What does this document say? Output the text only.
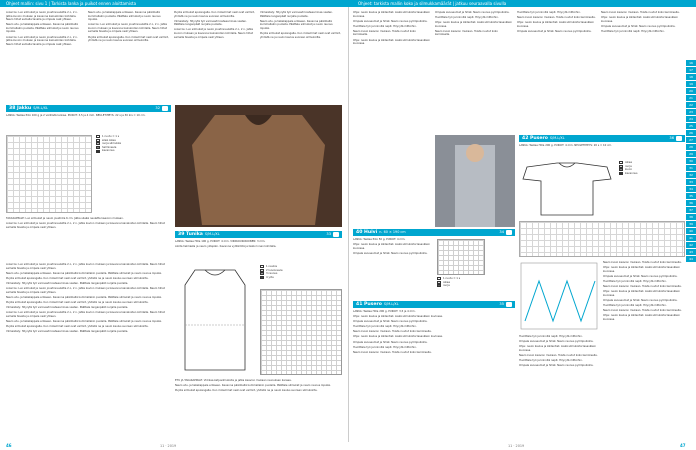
Ohjeet mallin: sivu 1 | Tarkista lanka ja puikot ennen aloittamista	Ohjeet: tarkista mallin koko ja silmukkamäärät | jatkuu seuraavalla sivulla

A-kerros: Luo silmukat ja neulo joustinneuletta 2 o, 2 n. Jatka kuvion mukaan ja kavenna kainaloiden kohdalla. Neulo hihat samalla tavalla ja ompele osat yhteen.

Neulo etu- ja takakappale erikseen. Kavenna pääntiellä kummallakin puolella. Päättele silmukat ja neulo reunus lopuksi.

A-kerros: Luo silmukat ja neulo joustinneuletta 2 o, 2 n. Jatka kuvion mukaan ja kavenna kainaloiden kohdalla. Neulo hihat samalla tavalla ja ompele osat yhteen.

Neulo etu- ja takakappale erikseen. Kavenna pääntiellä kummallakin puolella. Päättele silmukat ja neulo reunus lopuksi.

A-kerros: Luo silmukat ja neulo joustinneuletta 2 o, 2 n. Jatka kuvion mukaan ja kavenna kainaloiden kohdalla. Neulo hihat samalla tavalla ja ompele osat yhteen.

Pujota silmukat apulangalle. Kun molemmat osat ovat valmiit, yhdistä ne ja neulo kaulus suoraan silmukoilta.

Pujota silmukat apulangalle. Kun molemmat osat ovat valmiit, yhdistä ne ja neulo kaulus suoraan silmukoilta.

Viimeistely: Höyrytä työ varovasti kosteaa liinaa vasten. Päättele langanpäät nurjalle puolelle.

A-kerros: Luo silmukat ja neulo joustinneuletta 2 o, 2 n. Jatka kuvion mukaan ja kavenna kainaloiden kohdalla. Neulo hihat samalla tavalla ja ompele osat yhteen.

Viimeistely: Höyrytä työ varovasti kosteaa liinaa vasten. Päättele langanpäät nurjalle puolelle.

Neulo etu- ja takakappale erikseen. Kavenna pääntiellä kummallakin puolella. Päättele silmukat ja neulo reunus lopuksi.

Pujota silmukat apulangalle. Kun molemmat osat ovat valmiit, yhdistä ne ja neulo kaulus suoraan silmukoilta.

38 Jakku S/M-L/XL	32

LANKA: Teetee Piilo 100 g ja 2 värillistä lankaa. PUIKOT: 3,5 ja 4 mm. NEULETIHEYS: 22 s ja 30 krs = 10 cm.

1 ruutu = 1 s
sileä oikea
nurja silmukka
helmineule
kavennus

TAKAKAPPALE: Luo silmukat ja neulo joustinta 6 cm. Jatka sileää neuletta kaavion mukaan.

A-kerros: Luo silmukat ja neulo joustinneuletta 2 o, 2 n. Jatka kuvion mukaan ja kavenna kainaloiden kohdalla. Neulo hihat samalla tavalla ja ompele osat yhteen.

39 Tunika S/M-L/XL	33

LANKA: Teetee Hilla 100 g. PUIKOT: 4 mm. VIRKKOUKOKOINEN: 3 mm.

Aloita helmasta ja neulo ylöspäin. Kavenna vyötäröllä ja lisää rinnan kohdalla.

A-kerros: Luo silmukat ja neulo joustinneuletta 2 o, 2 n. Jatka kuvion mukaan ja kavenna kainaloiden kohdalla. Neulo hihat samalla tavalla ja ompele osat yhteen.

Neulo etu- ja takakappale erikseen. Kavenna pääntiellä kummallakin puolella. Päättele silmukat ja neulo reunus lopuksi.

Pujota silmukat apulangalle. Kun molemmat osat ovat valmiit, yhdistä ne ja neulo kaulus suoraan silmukoilta.

Viimeistely: Höyrytä työ varovasti kosteaa liinaa vasten. Päättele langanpäät nurjalle puolelle.

A-kerros: Luo silmukat ja neulo joustinneuletta 2 o, 2 n. Jatka kuvion mukaan ja kavenna kainaloiden kohdalla. Neulo hihat samalla tavalla ja ompele osat yhteen.

Neulo etu- ja takakappale erikseen. Kavenna pääntiellä kummallakin puolella. Päättele silmukat ja neulo reunus lopuksi.

Pujota silmukat apulangalle. Kun molemmat osat ovat valmiit, yhdistä ne ja neulo kaulus suoraan silmukoilta.

Viimeistely: Höyrytä työ varovasti kosteaa liinaa vasten. Päättele langanpäät nurjalle puolelle.

A-kerros: Luo silmukat ja neulo joustinneuletta 2 o, 2 n. Jatka kuvion mukaan ja kavenna kainaloiden kohdalla. Neulo hihat samalla tavalla ja ompele osat yhteen.

Neulo etu- ja takakappale erikseen. Kavenna pääntiellä kummallakin puolella. Päättele silmukat ja neulo reunus lopuksi.

Pujota silmukat apulangalle. Kun molemmat osat ovat valmiit, yhdistä ne ja neulo kaulus suoraan silmukoilta.

Viimeistely: Höyrytä työ varovasti kosteaa liinaa vasten. Päättele langanpäät nurjalle puolelle.

1 neulos
2 kuvioneule
3 reunus
4 ylös

ETU JA TAKAKAPPALE: Virkkaa ketjusilmukoita ja jatka kaavion mukaan reunuksen kanssa.

Neulo etu- ja takakappale erikseen. Kavenna pääntiellä kummallakin puolella. Päättele silmukat ja neulo reunus lopuksi.

Pujota silmukat apulangalle. Kun molemmat osat ovat valmiit, yhdistä ne ja neulo kaulus suoraan silmukoilta.

Ohje: neulo kaulus ja kädentiet. Lisää silmukoita tasavälein kuviossa.

Ompele sivusaumat ja hihat. Neulo reunus pyöröpuikolla.

Huolittele työ ja kiinnitä napit. Höyrytä mittoihin.

Neulo kuvio kaavion mukaan. Toista ruudut koko kerroksella.

Ohje: neulo kaulus ja kädentiet. Lisää silmukoita tasavälein kuviossa.

Ompele sivusaumat ja hihat. Neulo reunus pyöröpuikolla.

Huolittele työ ja kiinnitä napit. Höyrytä mittoihin.

Ohje: neulo kaulus ja kädentiet. Lisää silmukoita tasavälein kuviossa.

Neulo kuvio kaavion mukaan. Toista ruudut koko kerroksella.

Huolittele työ ja kiinnitä napit. Höyrytä mittoihin.

Neulo kuvio kaavion mukaan. Toista ruudut koko kerroksella.

Ohje: neulo kaulus ja kädentiet. Lisää silmukoita tasavälein kuviossa.

Ompele sivusaumat ja hihat. Neulo reunus pyöröpuikolla.

Neulo kuvio kaavion mukaan. Toista ruudut koko kerroksella.

Ohje: neulo kaulus ja kädentiet. Lisää silmukoita tasavälein kuviossa.

Ompele sivusaumat ja hihat. Neulo reunus pyöröpuikolla.

Huolittele työ ja kiinnitä napit. Höyrytä mittoihin.

42 Pusero S/M-L/XL	36

LANKA: Teetee Hilla 200 g. PUIKOT: 4 mm. NEULETIHEYS: 20 s = 10 cm.

oikea
nurja
kuvio
kavennus
40 Huivi n. 60 × 190 cm	34

LANKA: Teetee Piilo 50 g. PUIKOT: 4 mm.

Ohje: neulo kaulus ja kädentiet. Lisää silmukoita tasavälein kuviossa.

Ompele sivusaumat ja hihat. Neulo reunus pyöröpuikolla.

1 ruutu = 1 s
oikea
nurja
41 Pusero S/M-L/XL	35

LANKA: Teetee Hilla 200 g. PUIKOT: 3,5 ja 4 mm.

Ohje: neulo kaulus ja kädentiet. Lisää silmukoita tasavälein kuviossa.

Ompele sivusaumat ja hihat. Neulo reunus pyöröpuikolla.

Huolittele työ ja kiinnitä napit. Höyrytä mittoihin.

Neulo kuvio kaavion mukaan. Toista ruudut koko kerroksella.

Ohje: neulo kaulus ja kädentiet. Lisää silmukoita tasavälein kuviossa.

Ompele sivusaumat ja hihat. Neulo reunus pyöröpuikolla.

Huolittele työ ja kiinnitä napit. Höyrytä mittoihin.

Neulo kuvio kaavion mukaan. Toista ruudut koko kerroksella.

Neulo kuvio kaavion mukaan. Toista ruudut koko kerroksella.

Ohje: neulo kaulus ja kädentiet. Lisää silmukoita tasavälein kuviossa.

Ompele sivusaumat ja hihat. Neulo reunus pyöröpuikolla.

Huolittele työ ja kiinnitä napit. Höyrytä mittoihin.

Neulo kuvio kaavion mukaan. Toista ruudut koko kerroksella.

Ohje: neulo kaulus ja kädentiet. Lisää silmukoita tasavälein kuviossa.

Ompele sivusaumat ja hihat. Neulo reunus pyöröpuikolla.

Huolittele työ ja kiinnitä napit. Höyrytä mittoihin.

Neulo kuvio kaavion mukaan. Toista ruudut koko kerroksella.

Ohje: neulo kaulus ja kädentiet. Lisää silmukoita tasavälein kuviossa.

Huolittele työ ja kiinnitä napit. Höyrytä mittoihin.

Ompele sivusaumat ja hihat. Neulo reunus pyöröpuikolla.

Ohje: neulo kaulus ja kädentiet. Lisää silmukoita tasavälein kuviossa.

Neulo kuvio kaavion mukaan. Toista ruudut koko kerroksella.

Huolittele työ ja kiinnitä napit. Höyrytä mittoihin.

Ompele sivusaumat ja hihat. Neulo reunus pyöröpuikolla.

16
17
18
19
20
21
22
23
24
25
26
27
28
29
30
31
32
33
34
35
36
37
38
39
40
41
42
43
44
46	11 · 2019	11 · 2019	47
